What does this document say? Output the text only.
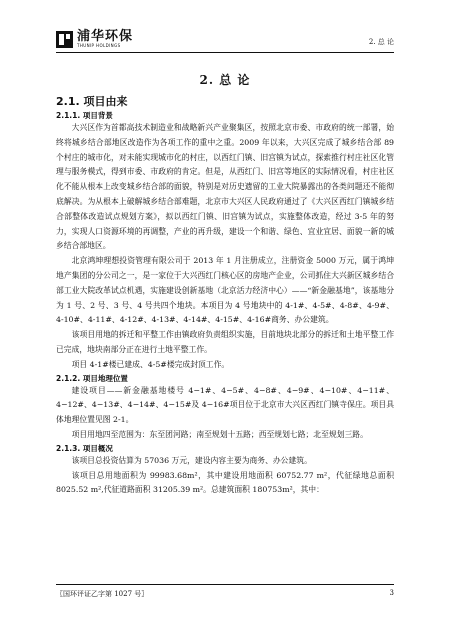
浦华环保
THUNIP HOLDINGS	2. 总 论
2. 总 论
2.1. 项目由来
2.1.1. 项目背景

大兴区作为首都高技术制造业和战略新兴产业聚集区，按照北京市委、市政府的统一部署，始终将城乡结合部地区改造作为各项工作的重中之重。2009 年以来，大兴区完成了城乡结合部 89 个村庄的城市化，对未能实现城市化的村庄，以西红门镇、旧宫镇为试点，探索推行村庄社区化管理与服务模式，得到市委、市政府的肯定。但是，从西红门、旧宫等地区的实际情况看，村庄社区化不能从根本上改变城乡结合部的面貌，特别是对历史遗留的工业大院暴露出的各类问题还不能彻底解决。为从根本上破解城乡结合部难题，北京市大兴区人民政府通过了《大兴区西红门镇城乡结合部整体改造试点规划方案》，拟以西红门镇、旧宫镇为试点，实施整体改造，经过 3-5 年的努力，实现人口资源环境的再调整，产业的再升级，建设一个和谐、绿色、宜业宜居、面貌一新的城乡结合部地区。

北京鸿坤理想投资管理有限公司于 2013 年 1 月注册成立，注册资金 5000 万元，属于鸿坤地产集团的分公司之一，是一家位于大兴西红门核心区的房地产企业，公司抓住大兴新区城乡结合部工业大院改革试点机遇，实施建设创新基地（北京活力经济中心）——“新金融基地”，该基地分为 1 号、2 号、3 号、4 号共四个地块。本项目为 4 号地块中的 4-1#、4-5#、4-8#、4-9#、4-10#、4-11#、4-12#、4-13#、4-14#、4-15#、4-16#商务、办公建筑。

该项目用地的拆迁和平整工作由镇政府负责组织实施，目前地块北部分的拆迁和土地平整工作已完成，地块南部分正在进行土地平整工作。

项目 4-1#楼已建成、4-5#楼完成封顶工作。

2.1.2. 项目地理位置

建设项目——新金融基地楼号 4−1#、4−5#、4−8#、4−9#、4−10#、4−11#、4−12#、4−13#、4−14#、4−15#及 4−16#项目位于北京市大兴区西红门镇寺保庄。项目具体地理位置见图 2-1。

项目用地四至范围为：东至团河路；南至规划十五路；西至规划七路；北至规划三路。

2.1.3. 项目概况

该项目总投资估算为 57036 万元，建设内容主要为商务、办公建筑。

该项目总用地面积为 99983.68m²，其中建设用地面积 60752.77 m²，代征绿地总面积 8025.52 m²,代征道路面积 31205.39 m²。总建筑面积 180753m²，其中：

〖国环评证乙字第 1027 号〗	3
